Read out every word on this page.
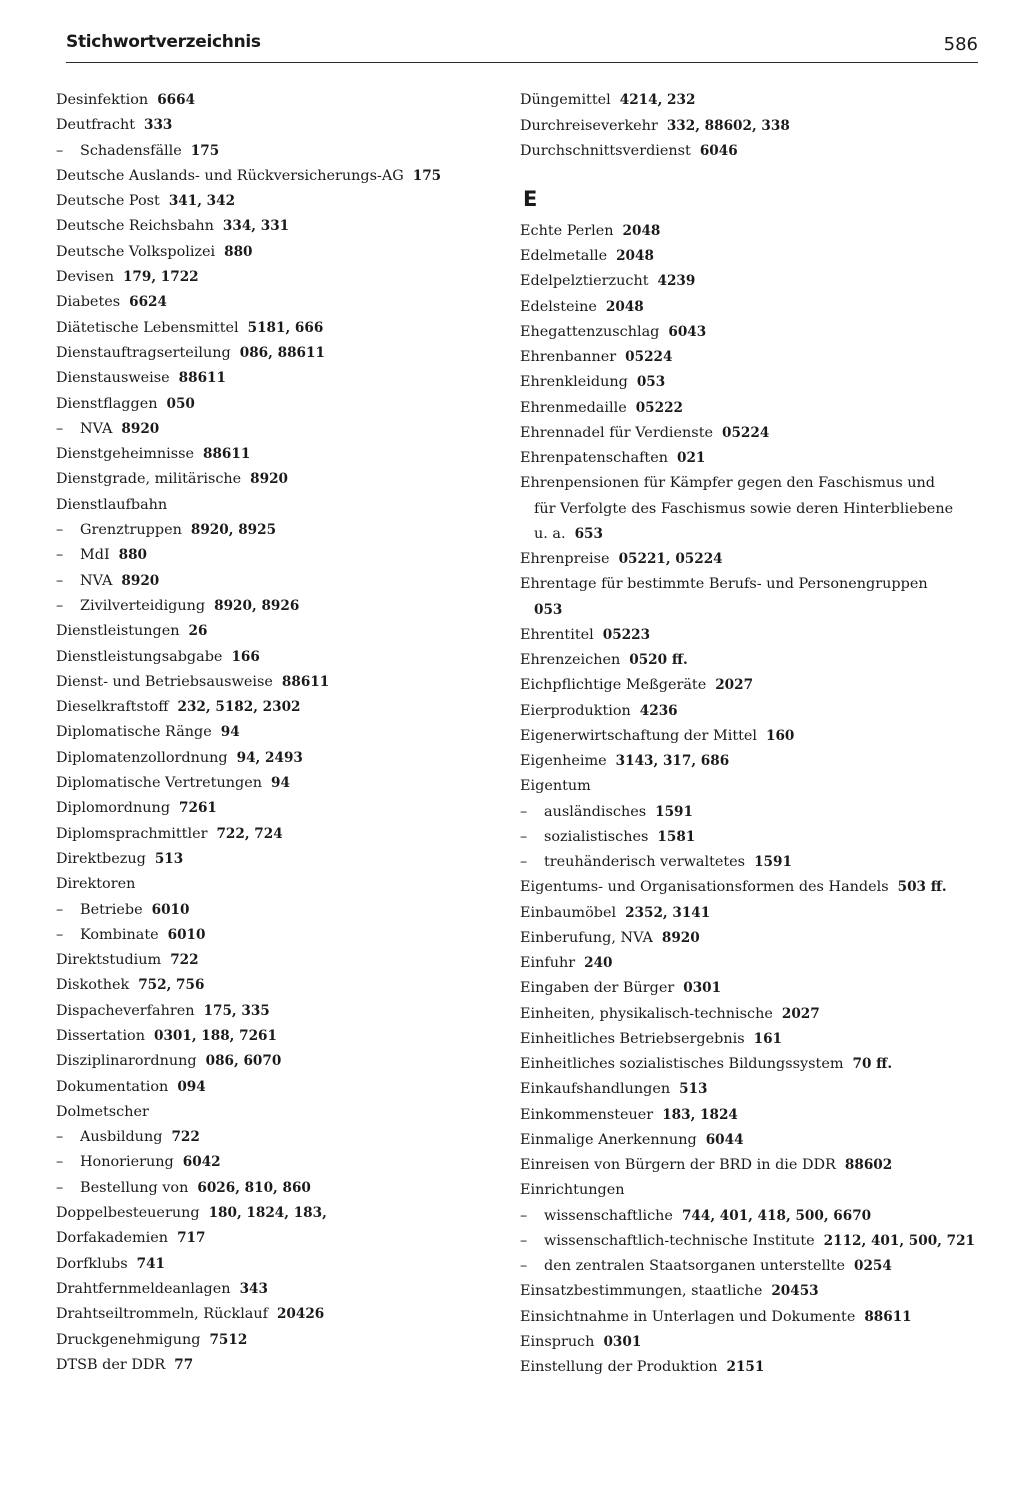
Stichwortverzeichnis	586
Desinfektion 6664
Deutfracht 333
– Schadensfälle 175
Deutsche Auslands- und Rückversicherungs-AG 175
Deutsche Post 341, 342
Deutsche Reichsbahn 334, 331
Deutsche Volkspolizei 880
Devisen 179, 1722
Diabetes 6624
Diätetische Lebensmittel 5181, 666
Dienstauftragserteilung 086, 88611
Dienstausweise 88611
Dienstflaggen 050
– NVA 8920
Dienstgeheimnisse 88611
Dienstgrade, militärische 8920
Dienstlaufbahn
– Grenztruppen 8920, 8925
– MdI 880
– NVA 8920
– Zivilverteidigung 8920, 8926
Dienstleistungen 26
Dienstleistungsabgabe 166
Dienst- und Betriebsausweise 88611
Dieselkraftstoff 232, 5182, 2302
Diplomatische Ränge 94
Diplomatenzollordnung 94, 2493
Diplomatische Vertretungen 94
Diplomordnung 7261
Diplomsprachmittler 722, 724
Direktbezug 513
Direktoren
– Betriebe 6010
– Kombinate 6010
Direktstudium 722
Diskothek 752, 756
Dispacheverfahren 175, 335
Dissertation 0301, 188, 7261
Disziplinarordnung 086, 6070
Dokumentation 094
Dolmetscher
– Ausbildung 722
– Honorierung 6042
– Bestellung von 6026, 810, 860
Doppelbesteuerung 180, 1824, 183,
Dorfakademien 717
Dorfklubs 741
Drahtfernmeldeanlagen 343
Drahtseiltrommeln, Rücklauf 20426
Druckgenehmigung 7512
DTSB der DDR 77
Düngemittel 4214, 232
Durchreiseverkehr 332, 88602, 338
Durchschnittsverdienst 6046
E
Echte Perlen 2048
Edelmetalle 2048
Edelpelztierzucht 4239
Edelsteine 2048
Ehegattenzuschlag 6043
Ehrenbanner 05224
Ehrenkleidung 053
Ehrenmedaille 05222
Ehrennadel für Verdienste 05224
Ehrenpatenschaften 021
Ehrenpensionen für Kämpfer gegen den Faschismus und
für Verfolgte des Faschismus sowie deren Hinterbliebene
u. a. 653
Ehrenpreise 05221, 05224
Ehrentage für bestimmte Berufs- und Personengruppen
053
Ehrentitel 05223
Ehrenzeichen 0520 ff.
Eichpflichtige Meßgeräte 2027
Eierproduktion 4236
Eigenerwirtschaftung der Mittel 160
Eigenheime 3143, 317, 686
Eigentum
– ausländisches 1591
– sozialistisches 1581
– treuhänderisch verwaltetes 1591
Eigentums- und Organisationsformen des Handels 503 ff.
Einbaumöbel 2352, 3141
Einberufung, NVA 8920
Einfuhr 240
Eingaben der Bürger 0301
Einheiten, physikalisch-technische 2027
Einheitliches Betriebsergebnis 161
Einheitliches sozialistisches Bildungssystem 70 ff.
Einkaufshandlungen 513
Einkommensteuer 183, 1824
Einmalige Anerkennung 6044
Einreisen von Bürgern der BRD in die DDR 88602
Einrichtungen
– wissenschaftliche 744, 401, 418, 500, 6670
– wissenschaftlich-technische Institute 2112, 401, 500, 721
– den zentralen Staatsorganen unterstellte 0254
Einsatzbestimmungen, staatliche 20453
Einsichtnahme in Unterlagen und Dokumente 88611
Einspruch 0301
Einstellung der Produktion 2151
